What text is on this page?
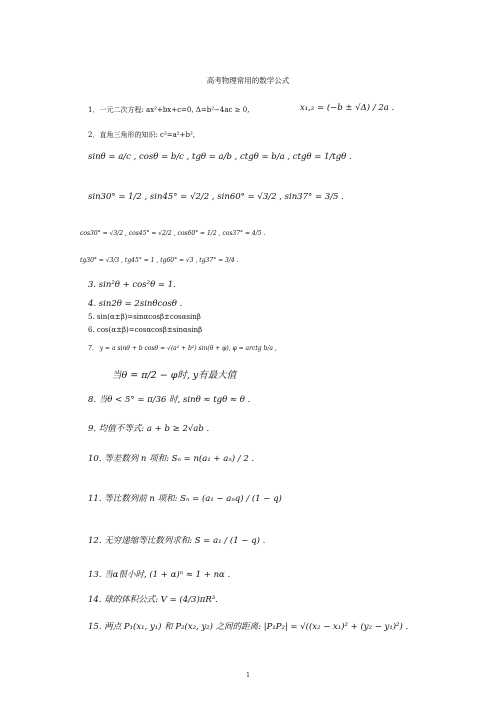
高考物理常用的数学公式
1．一元二次方程: ax²+bx+c=0, Δ=b²−4ac ≥ 0,	x₁,₂ = (−b ± √Δ) / 2a .
2．直角三角形的知识: c²=a²+b²,
sinθ = a/c , cosθ = b/c , tgθ = a/b , ctgθ = b/a , ctgθ = 1/tgθ .
sin30° = 1/2 , sin45° = √2/2 , sin60° = √3/2 , sin37° = 3/5 .
cos30° = √3/2 , cos45° = √2/2 , cos60° = 1/2 , cos37° = 4/5 .
tg30° = √3/3 , tg45° = 1 , tg60° = √3 , tg37° = 3/4 .
3. sin²θ + cos²θ = 1.
4. sin2θ = 2sinθcosθ .
5. sin(α±β)=sinαcosβ±cosαsinβ
6. cos(α±β)=cosαcosβ±sinαsinβ
7． y = a sinθ + b cosθ = √(a² + b²) sin(θ + φ), φ = arctg b/a ,
当θ = π/2 − φ时, y有最大值
8. 当θ < 5° = π/36 时, sinθ ≈ tgθ ≈ θ .
9. 均值不等式: a + b ≥ 2√ab .
10. 等差数列 n 项和: Sₙ = n(a₁ + aₙ) / 2 .
11. 等比数列前 n 项和: Sₙ = (a₁ − aₙq) / (1 − q)
12. 无穷递缩等比数列求和: S = a₁ / (1 − q) .
13. 当α很小时, (1 + α)ⁿ ≈ 1 + nα .
14. 球的体积公式: V = (4/3)πR³.
15. 两点 P₁(x₁, y₁) 和 P₂(x₂, y₂) 之间的距离: |P₁P₂| = √((x₂ − x₁)² + (y₂ − y₁)²) .
1
